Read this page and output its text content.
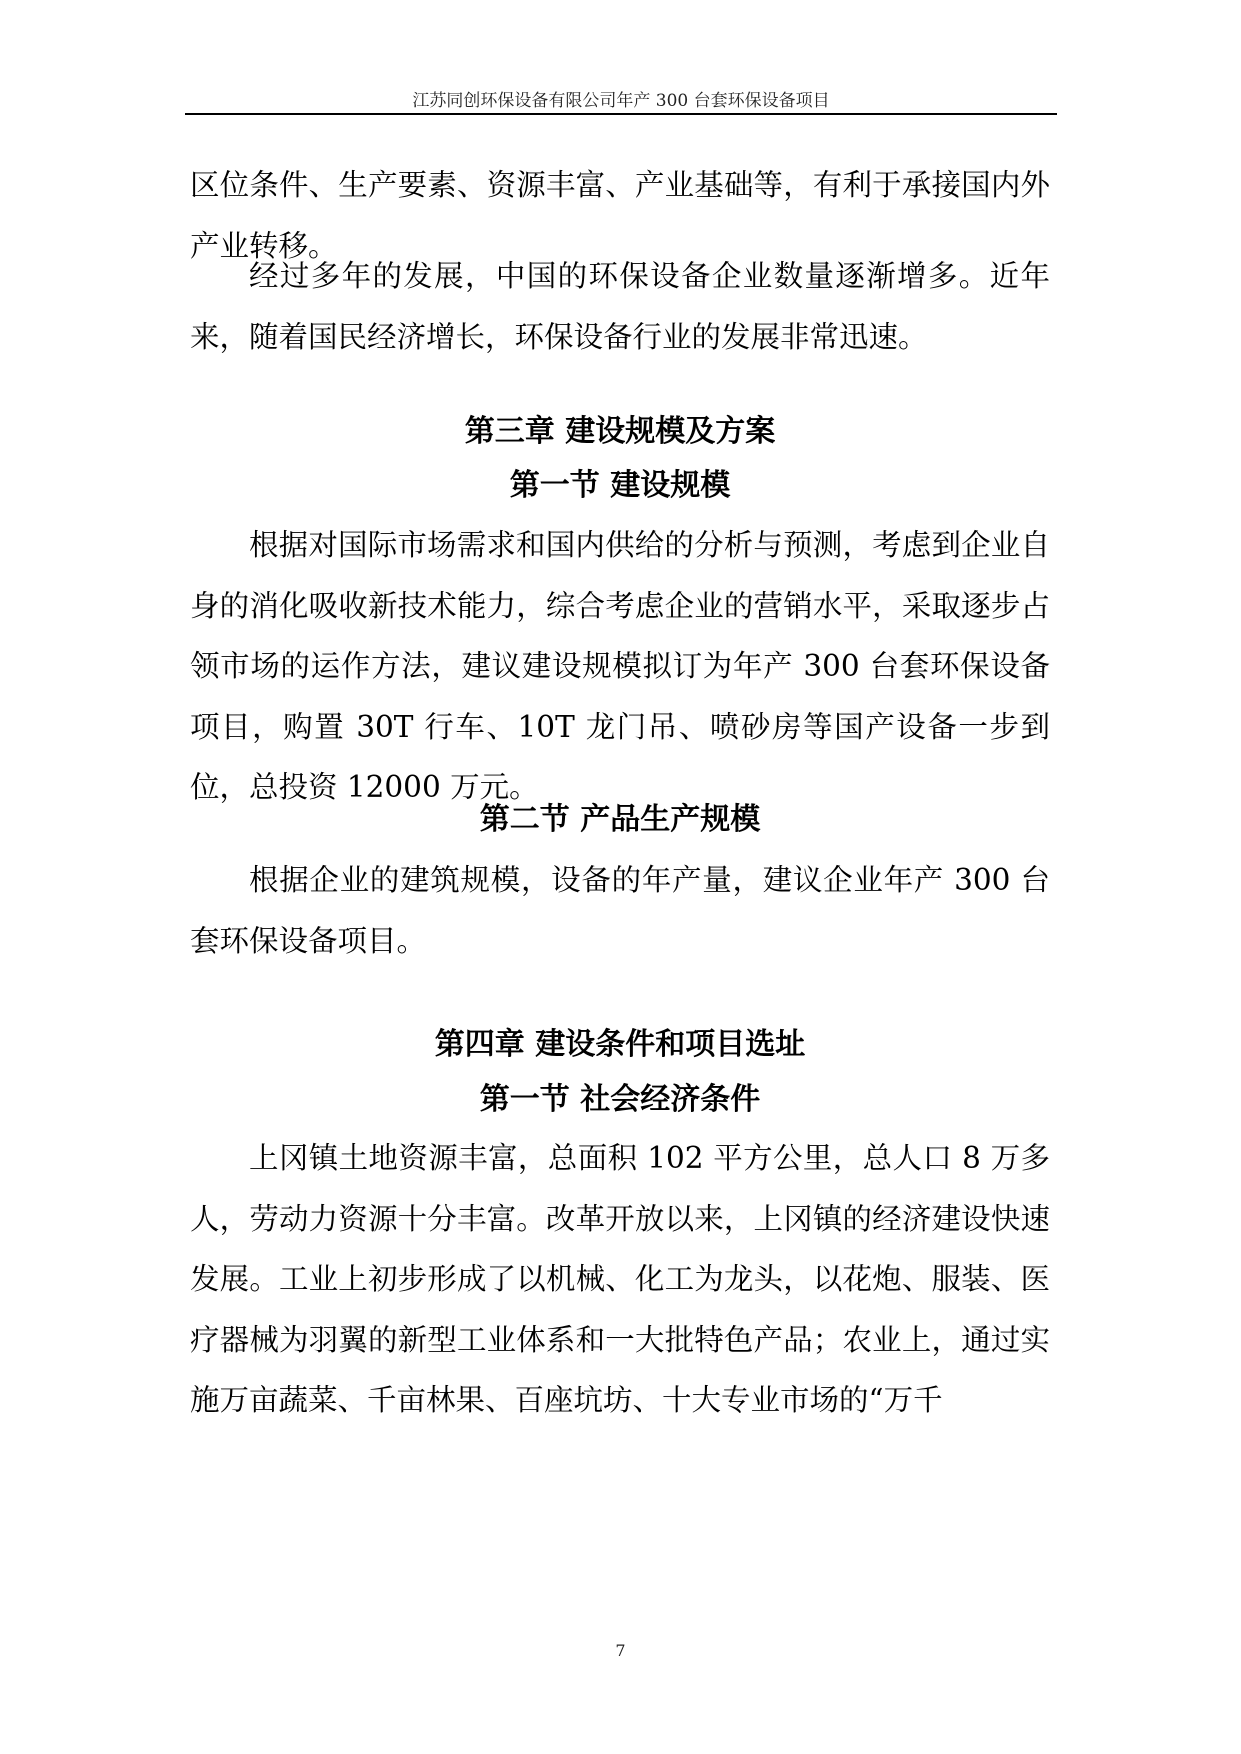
江苏同创环保设备有限公司年产 300 台套环保设备项目

区位条件、生产要素、资源丰富、产业基础等，有利于承接国内外产业转移。

经过多年的发展，中国的环保设备企业数量逐渐增多。近年来，随着国民经济增长，环保设备行业的发展非常迅速。

第三章 建设规模及方案
第一节 建设规模

根据对国际市场需求和国内供给的分析与预测，考虑到企业自身的消化吸收新技术能力，综合考虑企业的营销水平，采取逐步占领市场的运作方法，建议建设规模拟订为年产 300 台套环保设备项目，购置 30T 行车、10T 龙门吊、喷砂房等国产设备一步到位，总投资 12000 万元。

第二节 产品生产规模

根据企业的建筑规模，设备的年产量，建议企业年产 300 台套环保设备项目。

第四章 建设条件和项目选址
第一节 社会经济条件

上冈镇土地资源丰富，总面积 102 平方公里，总人口 8 万多人，劳动力资源十分丰富。改革开放以来，上冈镇的经济建设快速发展。工业上初步形成了以机械、化工为龙头，以花炮、服装、医疗器械为羽翼的新型工业体系和一大批特色产品；农业上，通过实施万亩蔬菜、千亩林果、百座坑坊、十大专业市场的“万千

7
